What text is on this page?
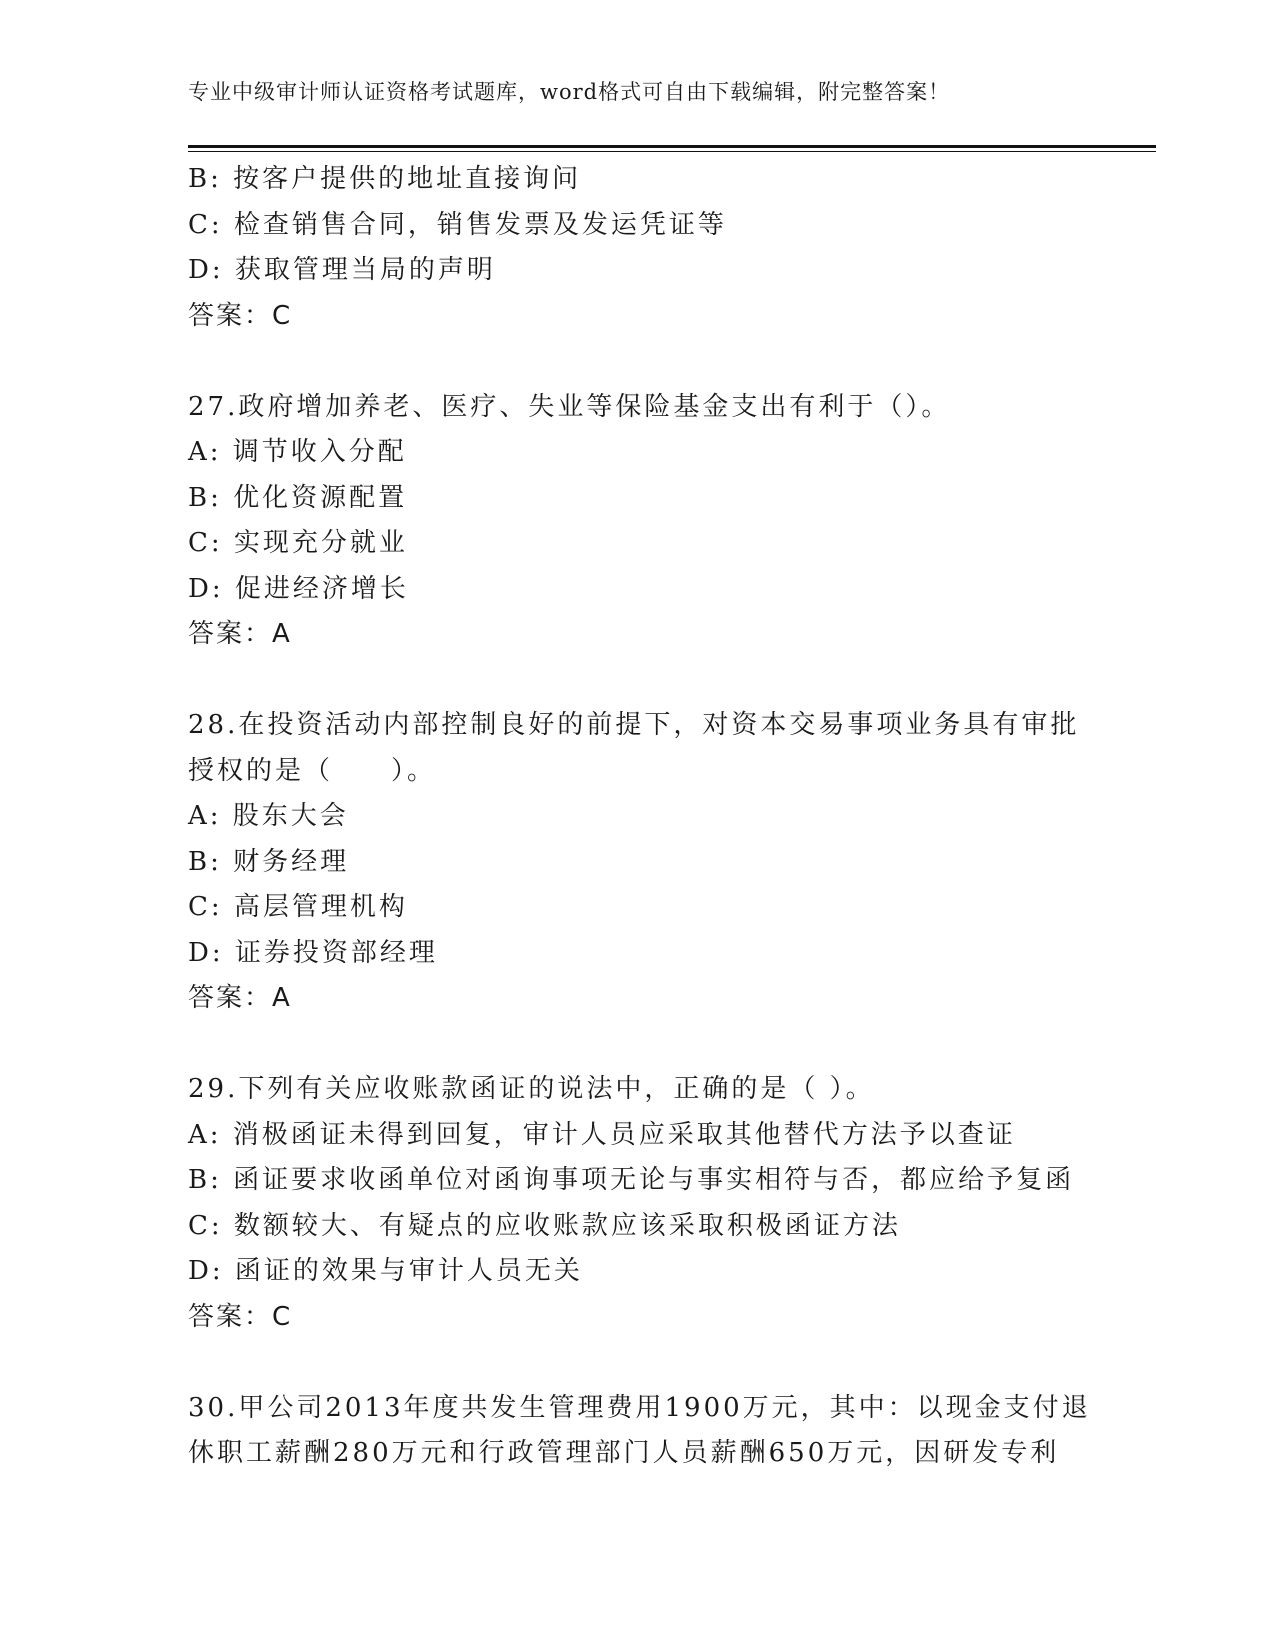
专业中级审计师认证资格考试题库，word格式可自由下载编辑，附完整答案！
B: 按客户提供的地址直接询问
C: 检查销售合同，销售发票及发运凭证等
D: 获取管理当局的声明
答案：C
27.政府增加养老、医疗、失业等保险基金支出有利于（）。
A: 调节收入分配
B: 优化资源配置
C: 实现充分就业
D: 促进经济增长
答案：A
28.在投资活动内部控制良好的前提下，对资本交易事项业务具有审批
授权的是（　　）。
A: 股东大会
B: 财务经理
C: 高层管理机构
D: 证券投资部经理
答案：A
29.下列有关应收账款函证的说法中，正确的是（ ）。
A: 消极函证未得到回复，审计人员应采取其他替代方法予以查证
B: 函证要求收函单位对函询事项无论与事实相符与否，都应给予复函
C: 数额较大、有疑点的应收账款应该采取积极函证方法
D: 函证的效果与审计人员无关
答案：C
30.甲公司2013年度共发生管理费用1900万元，其中：以现金支付退
休职工薪酬280万元和行政管理部门人员薪酬650万元，因研发专利
